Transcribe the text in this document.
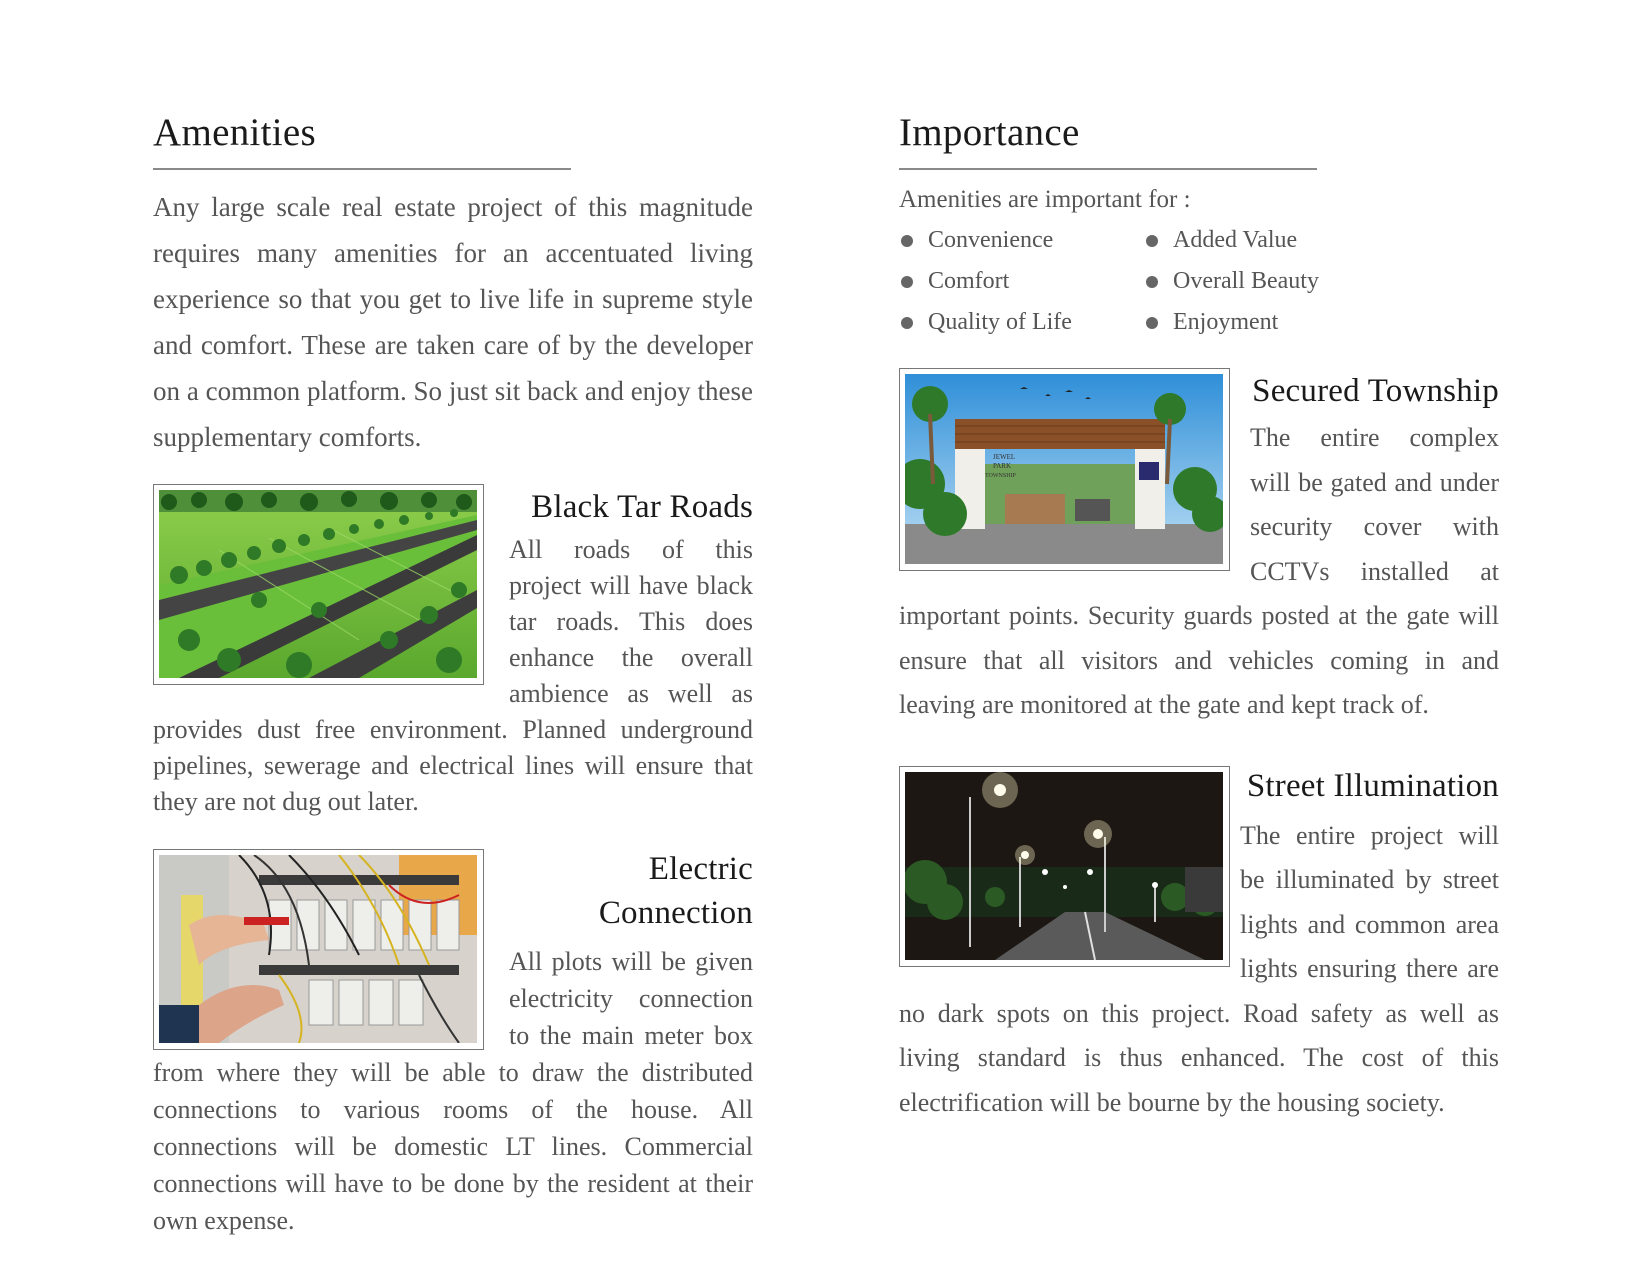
Amenities

Any large scale real estate project of this magnitude requires many amenities for an accentuated living experience so that you get to live life in supreme style and comfort. These are taken care of by the developer on a common platform. So just sit back and enjoy these supplementary comforts.

Black Tar Roads

All roads of this project will have black tar roads. This does enhance the overall ambience as well as provides dust free environment. Planned underground pipelines, sewerage and electrical lines will ensure that they are not dug out later.

Electric Connection

All plots will be given electricity connection to the main meter box from where they will be able to draw the distributed connections to various rooms of the house. All connections will be domestic LT lines. Commercial connections will have to be done by the resident at their own expense.

Importance

Amenities are important for :

Convenience	Added Value
Comfort	Overall Beauty
Quality of Life	Enjoyment
JEWEL
PARK
TOWNSHIP
Secured Township

The entire complex will be gated and under security cover with CCTVs installed at important points. Security guards posted at the gate will ensure that all visitors and vehicles coming in and leaving are monitored at the gate and kept track of.

Street Illumination

The entire project will be illuminated by street lights and common area lights ensuring there are no dark spots on this project. Road safety as well as living standard is thus enhanced. The cost of this electrification will be bourne by the housing society.
